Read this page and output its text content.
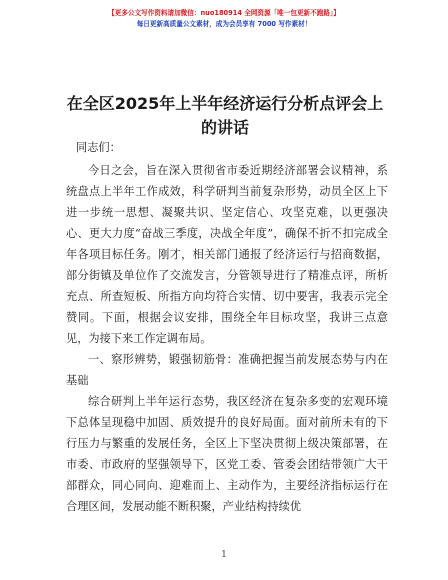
【更多公文写作资料请加微信：nuo180914 全网资源「唯一包更新不跑路」】
每日更新高质量公文素材，成为会员享有 7000 写作素材！
在全区2025年上半年经济运行分析点评会上的讲话

同志们：

今日之会，旨在深入贯彻省市委近期经济部署会议精神，系统盘点上半年工作成效，科学研判当前复杂形势，动员全区上下进一步统一思想、凝聚共识、坚定信心、攻坚克难，以更强决心、更大力度“奋战三季度，决战全年度”，确保不折不扣完成全年各项目标任务。刚才，相关部门通报了经济运行与招商数据，部分街镇及单位作了交流发言，分管领导进行了精准点评，所析充点、所查短板、所指方向均符合实情、切中要害，我表示完全赞同。下面，根据会议安排，围绕全年目标攻坚，我讲三点意见，为接下来工作定调布局。

一、察形辨势，锻强韧筋骨：准确把握当前发展态势与内在基础

综合研判上半年运行态势，我区经济在复杂多变的宏观环境下总体呈现稳中加固、质效提升的良好局面。面对前所未有的下行压力与繁重的发展任务，全区上下坚决贯彻上级决策部署，在市委、市政府的坚强领导下，区党工委、管委会团结带领广大干部群众，同心同向、迎难而上、主动作为，主要经济指标运行在合理区间，发展动能不断积聚，产业结构持续优

1
